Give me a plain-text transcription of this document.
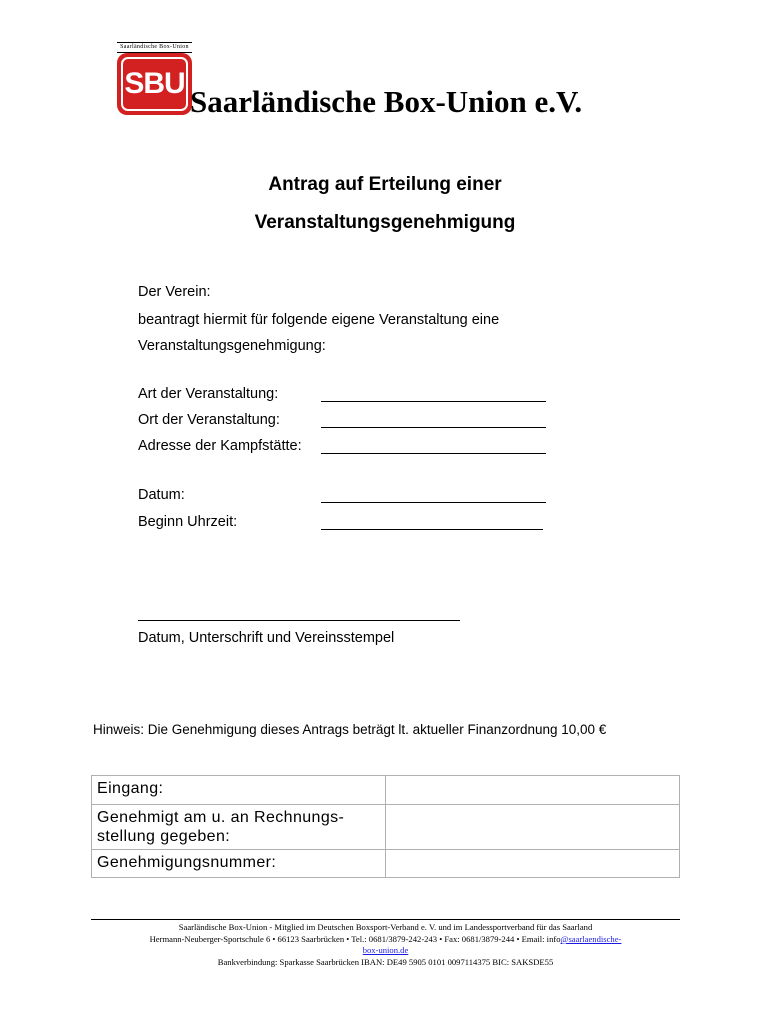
Saarländische Box-Union
SBU
Saarländische Box-Union e.V.
Antrag auf Erteilung einer
Veranstaltungsgenehmigung
Der Verein:
beantragt hiermit für folgende eigene Veranstaltung eine
Veranstaltungsgenehmigung:
Art der Veranstaltung:
Ort der Veranstaltung:
Adresse der Kampfstätte:
Datum:
Beginn Uhrzeit:
Datum, Unterschrift und Vereinsstempel
Hinweis: Die Genehmigung dieses Antrags beträgt lt. aktueller Finanzordnung 10,00 €
Eingang:	

Genehmigt am u. an Rechnungs-
stellung gegeben:	

Genehmigungsnummer:	
Saarländische Box-Union - Mitglied im Deutschen Boxsport-Verband e. V. und im Landessportverband für das Saarland
Hermann-Neuberger-Sportschule 6 • 66123 Saarbrücken • Tel.: 0681/3879-242-243 • Fax: 0681/3879-244 • Email: info@saarlaendische-
box-union.de
Bankverbindung: Sparkasse Saarbrücken IBAN: DE49 5905 0101 0097114375 BIC: SAKSDE55
